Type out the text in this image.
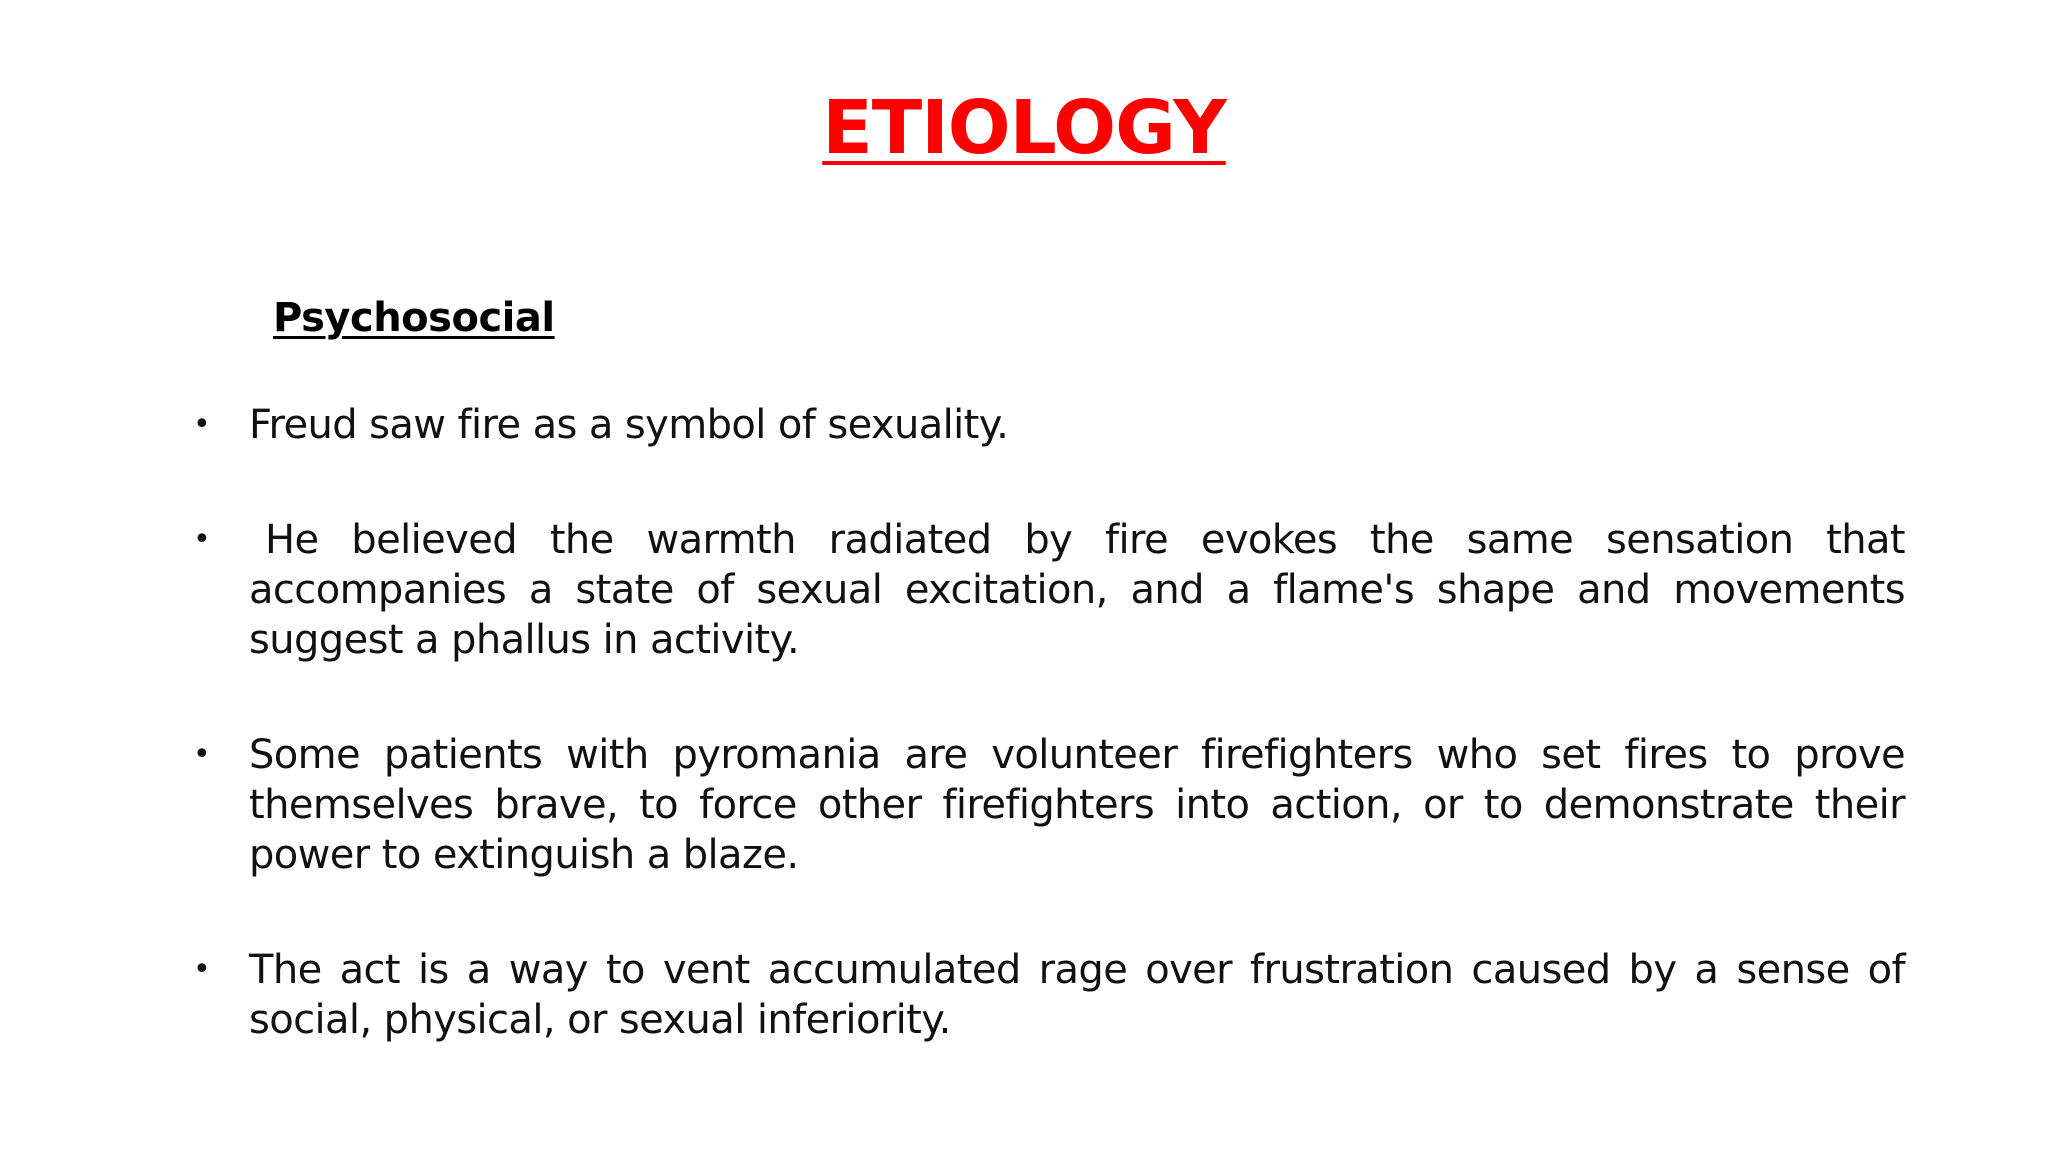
ETIOLOGY
Psychosocial
• Freud saw fire as a symbol of sexuality.
•	He believed the warmth radiated by fire evokes the same sensation that accompanies a state of sexual excitation, and a flame's shape and movements suggest a phallus in activity.
• Some patients with pyromania are volunteer firefighters who set fires to prove themselves brave, to force other firefighters into action, or to demonstrate their power to extinguish a blaze.
• The act is a way to vent accumulated rage over frustration caused by a sense of social, physical, or sexual inferiority.
